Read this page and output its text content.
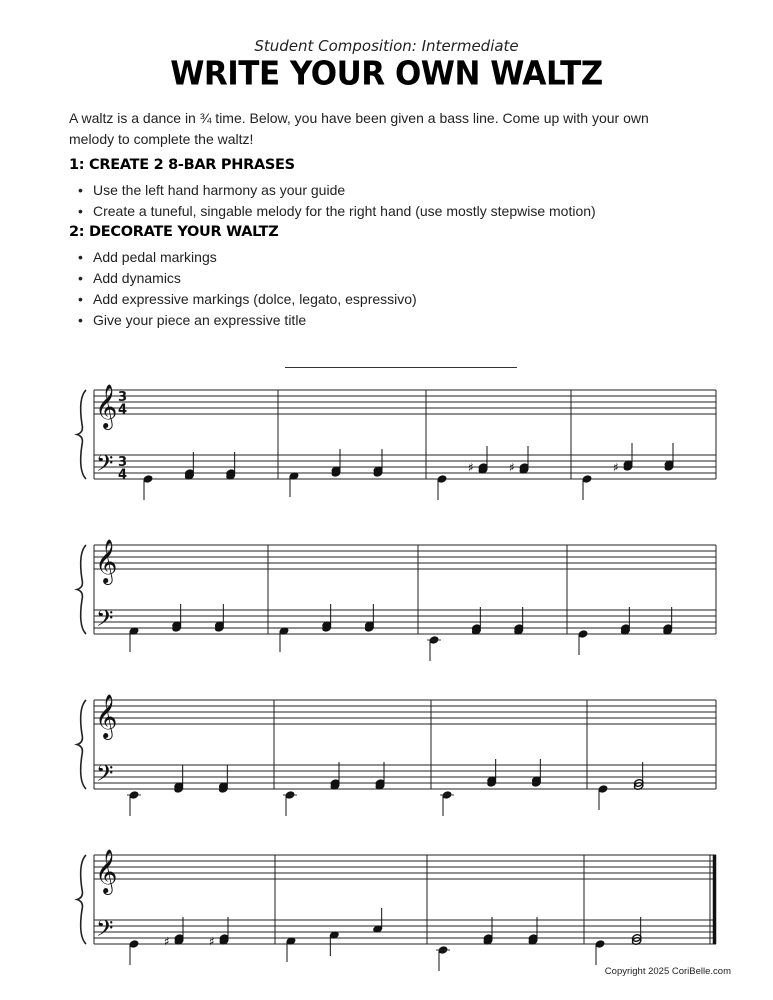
Student Composition: Intermediate
WRITE YOUR OWN WALTZ

A waltz is a dance in ¾ time. Below, you have been given a bass line. Come up with your own melody to complete the waltz!

1: CREATE 2 8-BAR PHRASES
• Use the left hand harmony as your guide
• Create a tuneful, singable melody for the right hand (use mostly stepwise motion)
2: DECORATE YOUR WALTZ
• Add pedal markings
• Add dynamics
• Add expressive markings (dolce, legato, espressivo)
• Give your piece an expressive title
𝄞
𝄢
3
4
3
4	♯	♯	♯
𝄞
𝄢
𝄞
𝄢
𝄞
𝄢	♯	♯
Copyright 2025 CoriBelle.com
